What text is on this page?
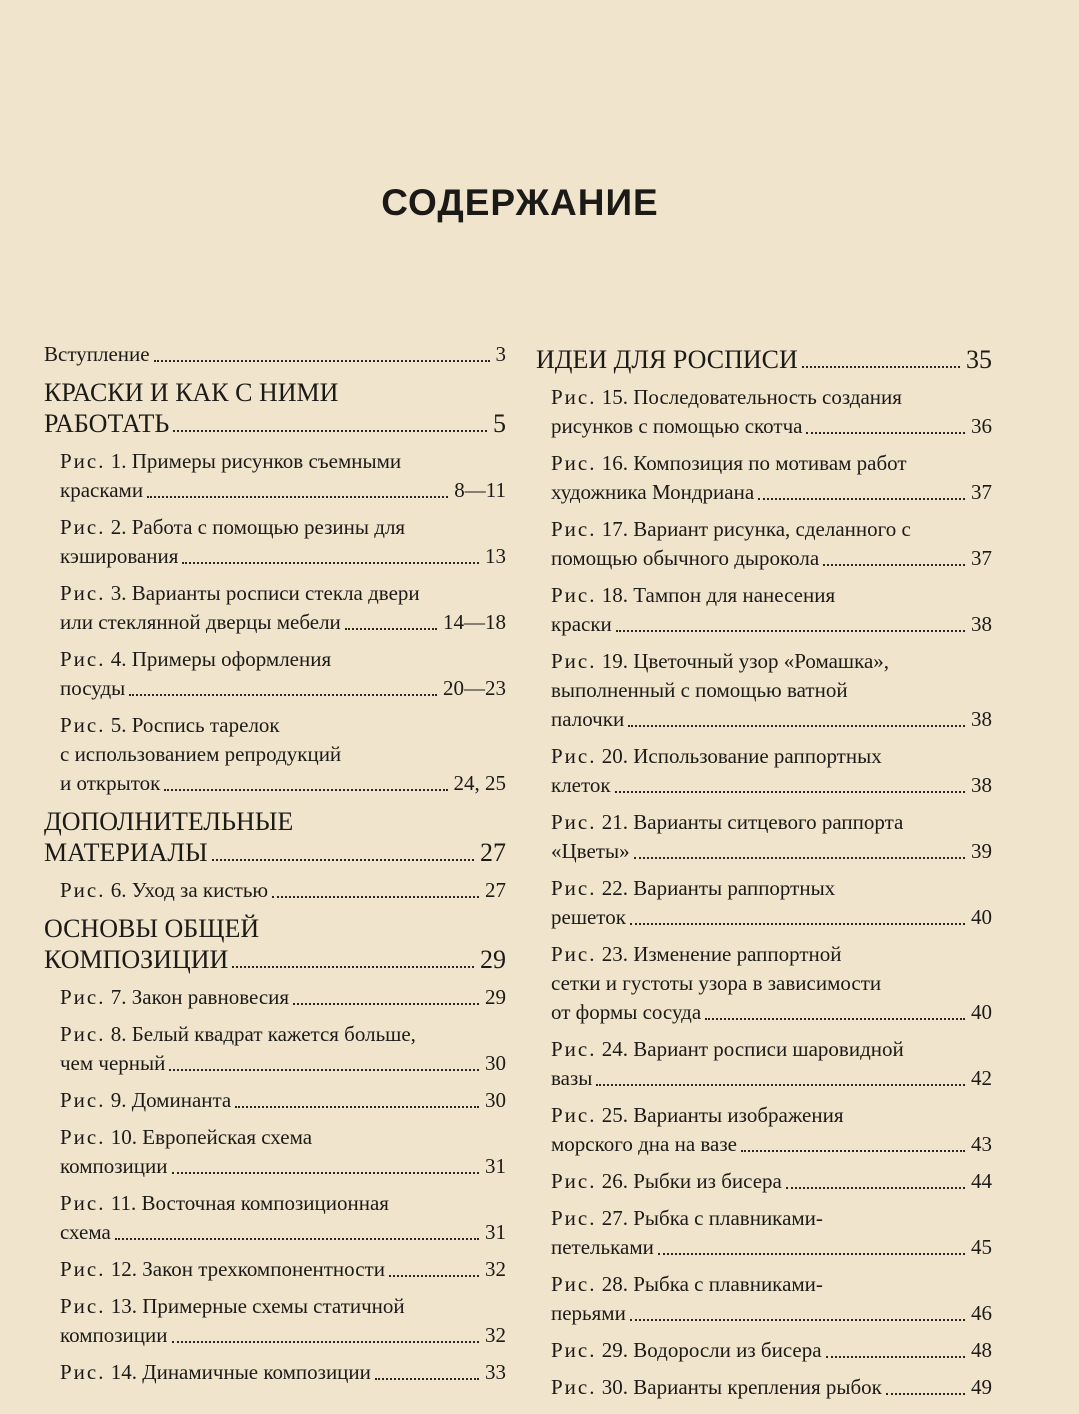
СОДЕРЖАНИЕ
Вступление	3
КРАСКИ И КАК С НИМИ
РАБОТАТЬ	5
Рис. 1. Примеры рисунков съемными
красками	8—11
Рис. 2. Работа с помощью резины для
кэширования	13
Рис. 3. Варианты росписи стекла двери
или стеклянной дверцы мебели	14—18
Рис. 4. Примеры оформления
посуды	20—23
Рис. 5. Роспись тарелок
с использованием репродукций
и открыток	24, 25
ДОПОЛНИТЕЛЬНЫЕ
МАТЕРИАЛЫ	27
Рис. 6. Уход за кистью	27
ОСНОВЫ ОБЩЕЙ
КОМПОЗИЦИИ	29
Рис. 7. Закон равновесия	29
Рис. 8. Белый квадрат кажется больше,
чем черный	30
Рис. 9. Доминанта	30
Рис. 10. Европейская схема
композиции	31
Рис. 11. Восточная композиционная
схема	31
Рис. 12. Закон трехкомпонентности	32
Рис. 13. Примерные схемы статичной
композиции	32
Рис. 14. Динамичные композиции	33
ИДЕИ ДЛЯ РОСПИСИ	35
Рис. 15. Последовательность создания
рисунков с помощью скотча	36
Рис. 16. Композиция по мотивам работ
художника Мондриана	37
Рис. 17. Вариант рисунка, сделанного с
помощью обычного дырокола	37
Рис. 18. Тампон для нанесения
краски	38
Рис. 19. Цветочный узор «Ромашка»,
выполненный с помощью ватной
палочки	38
Рис. 20. Использование раппортных
клеток	38
Рис. 21. Варианты ситцевого раппорта
«Цветы»	39
Рис. 22. Варианты раппортных
решеток	40
Рис. 23. Изменение раппортной
сетки и густоты узора в зависимости
от формы сосуда	40
Рис. 24. Вариант росписи шаровидной
вазы	42
Рис. 25. Варианты изображения
морского дна на вазе	43
Рис. 26. Рыбки из бисера	44
Рис. 27. Рыбка с плавниками-
петельками	45
Рис. 28. Рыбка с плавниками-
перьями	46
Рис. 29. Водоросли из бисера	48
Рис. 30. Варианты крепления рыбок	49
